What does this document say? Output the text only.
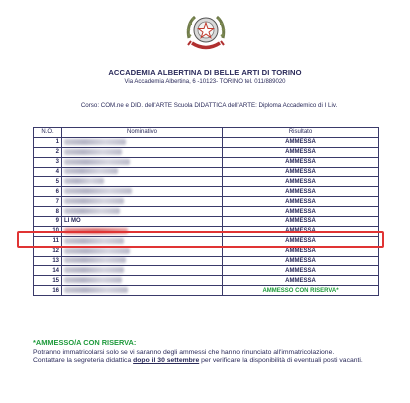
ACCADEMIA ALBERTINA DI BELLE ARTI DI TORINO
Via Accademia Albertina, 6 -10123- TORINO tel. 011/889020
Corso: COM.ne e DID. dell'ARTE Scuola DIDATTICA dell'ARTE: Diploma Accademico di I Liv.
N.O.	Nominativo	Risultato
1		AMMESSA
2		AMMESSA
3		AMMESSA
4		AMMESSA
5		AMMESSA
6		AMMESSA
7		AMMESSA
8		AMMESSA
9	LI MO	AMMESSA
10		AMMESSA
11		AMMESSA
12		AMMESSA
13		AMMESSA
14		AMMESSA
15		AMMESSA
16		AMMESSO CON RISERVA*
*AMMESSO/A CON RISERVA:

Potranno immatricolarsi solo se vi saranno degli ammessi che hanno rinunciato all'immatricolazione.

Contattare la segreteria didattica dopo il 30 settembre per verificare la disponibilità di eventuali posti vacanti.
